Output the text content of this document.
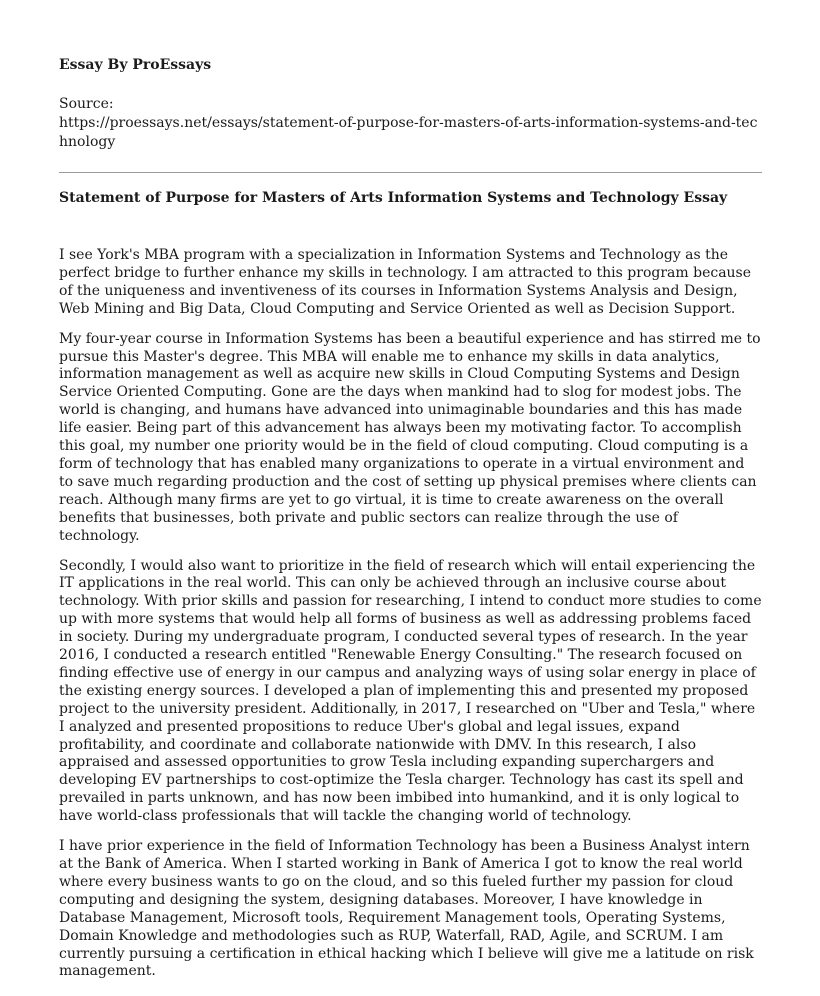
Essay By ProEssays
Source:
https://proessays.net/essays/statement-of-purpose-for-masters-of-arts-information-systems-and-technology
Statement of Purpose for Masters of Arts Information Systems and Technology Essay

I see York's MBA program with a specialization in Information Systems and Technology as the perfect bridge to further enhance my skills in technology. I am attracted to this program because of the uniqueness and inventiveness of its courses in Information Systems Analysis and Design, Web Mining and Big Data, Cloud Computing and Service Oriented as well as Decision Support.

My four-year course in Information Systems has been a beautiful experience and has stirred me to pursue this Master's degree. This MBA will enable me to enhance my skills in data analytics, information management as well as acquire new skills in Cloud Computing Systems and Design Service Oriented Computing. Gone are the days when mankind had to slog for modest jobs. The world is changing, and humans have advanced into unimaginable boundaries and this has made life easier. Being part of this advancement has always been my motivating factor. To accomplish this goal, my number one priority would be in the field of cloud computing. Cloud computing is a form of technology that has enabled many organizations to operate in a virtual environment and to save much regarding production and the cost of setting up physical premises where clients can reach. Although many firms are yet to go virtual, it is time to create awareness on the overall benefits that businesses, both private and public sectors can realize through the use of technology.

Secondly, I would also want to prioritize in the field of research which will entail experiencing the IT applications in the real world. This can only be achieved through an inclusive course about technology. With prior skills and passion for researching, I intend to conduct more studies to come up with more systems that would help all forms of business as well as addressing problems faced in society. During my undergraduate program, I conducted several types of research. In the year 2016, I conducted a research entitled "Renewable Energy Consulting." The research focused on finding effective use of energy in our campus and analyzing ways of using solar energy in place of the existing energy sources. I developed a plan of implementing this and presented my proposed project to the university president. Additionally, in 2017, I researched on "Uber and Tesla," where I analyzed and presented propositions to reduce Uber's global and legal issues, expand profitability, and coordinate and collaborate nationwide with DMV. In this research, I also appraised and assessed opportunities to grow Tesla including expanding superchargers and developing EV partnerships to cost-optimize the Tesla charger. Technology has cast its spell and prevailed in parts unknown, and has now been imbibed into humankind, and it is only logical to have world-class professionals that will tackle the changing world of technology.

I have prior experience in the field of Information Technology has been a Business Analyst intern at the Bank of America. When I started working in Bank of America I got to know the real world where every business wants to go on the cloud, and so this fueled further my passion for cloud computing and designing the system, designing databases. Moreover, I have knowledge in Database Management, Microsoft tools, Requirement Management tools, Operating Systems, Domain Knowledge and methodologies such as RUP, Waterfall, RAD, Agile, and SCRUM. I am currently pursuing a certification in ethical hacking which I believe will give me a latitude on risk management.
